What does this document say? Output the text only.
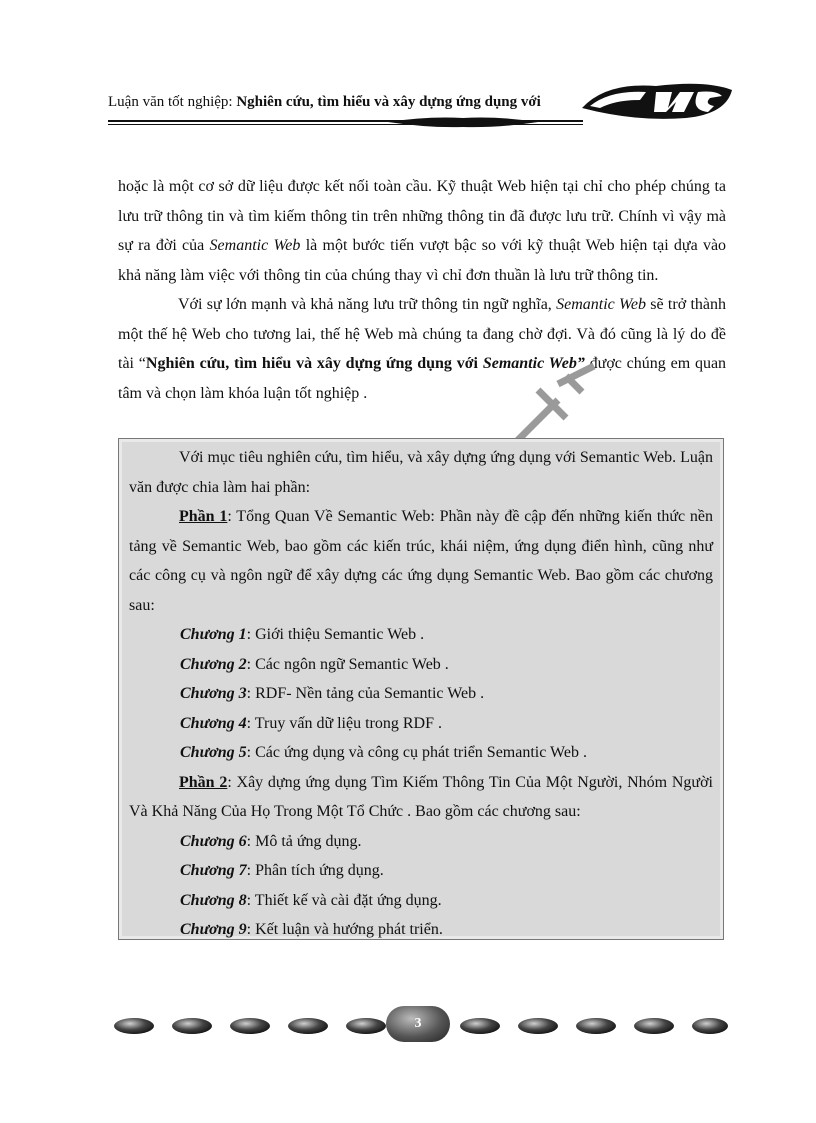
Luận văn tốt nghiệp: Nghiên cứu, tìm hiểu và xây dựng ứng dụng với

hoặc là một cơ sở dữ liệu được kết nối toàn cầu. Kỹ thuật Web hiện tại chỉ cho phép chúng ta lưu trữ thông tin và tìm kiếm thông tin trên những thông tin đã được lưu trữ. Chính vì vậy mà sự ra đời của Semantic Web là một bước tiến vượt bậc so với kỹ thuật Web hiện tại dựa vào khả năng làm việc với thông tin của chúng thay vì chỉ đơn thuần là lưu trữ thông tin.

Với sự lớn mạnh và khả năng lưu trữ thông tin ngữ nghĩa, Semantic Web sẽ trở thành một thế hệ Web cho tương lai, thế hệ Web mà chúng ta đang chờ đợi. Và đó cũng là lý do đề tài “Nghiên cứu, tìm hiểu và xây dựng ứng dụng với Semantic Web” được chúng em quan tâm và chọn làm khóa luận tốt nghiệp .

Với mục tiêu nghiên cứu, tìm hiểu, và xây dựng ứng dụng với Semantic Web. Luận văn được chia làm hai phần:

Phần 1: Tổng Quan Về Semantic Web: Phần này đề cập đến những kiến thức nền tảng về Semantic Web, bao gồm các kiến trúc, khái niệm, ứng dụng điển hình, cũng như các công cụ và ngôn ngữ để xây dựng các ứng dụng Semantic Web. Bao gồm các chương sau:

Chương 1: Giới thiệu Semantic Web .

Chương 2: Các ngôn ngữ Semantic Web .

Chương 3: RDF- Nền tảng của Semantic Web .

Chương 4: Truy vấn dữ liệu trong RDF .

Chương 5: Các ứng dụng và công cụ phát triển Semantic Web .

Phần 2: Xây dựng ứng dụng Tìm Kiếm Thông Tin Của Một Người, Nhóm Người Và Khả Năng Của Họ Trong Một Tổ Chức . Bao gồm các chương sau:

Chương 6: Mô tả ứng dụng.

Chương 7: Phân tích ứng dụng.

Chương 8: Thiết kế và cài đặt ứng dụng.

Chương 9: Kết luận và hướng phát triển.

3
